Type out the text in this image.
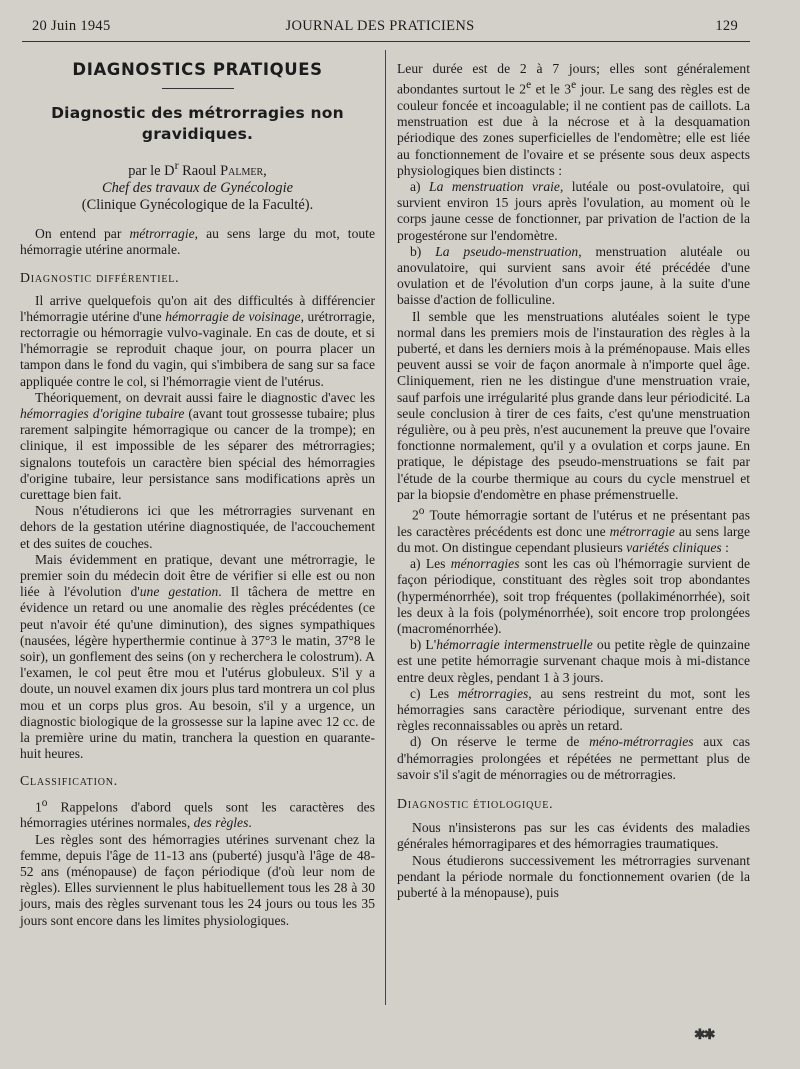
20 Juin 1945	JOURNAL DES PRATICIENS	129
DIAGNOSTICS PRATIQUES
Diagnostic des métrorragies non gravidiques.

par le $D^r$ Raoul Palmer,

Chef des travaux de Gynécologie

(Clinique Gynécologique de la Faculté).

On entend par métrorragie, au sens large du mot, toute hémorragie utérine anormale.

Diagnostic différentiel.

Il arrive quelquefois qu'on ait des difficultés à différencier l'hémorragie utérine d'une hémorragie de voisinage, urétrorragie, rectorragie ou hémorragie vulvo-vaginale. En cas de doute, et si l'hémorragie se reproduit chaque jour, on pourra placer un tampon dans le fond du vagin, qui s'imbibera de sang sur sa face appliquée contre le col, si l'hémorragie vient de l'utérus.

Théoriquement, on devrait aussi faire le diagnostic d'avec les hémorragies d'origine tubaire (avant tout grossesse tubaire; plus rarement salpingite hémorragique ou cancer de la trompe); en clinique, il est impossible de les séparer des métrorragies; signalons toutefois un caractère bien spécial des hémorragies d'origine tubaire, leur persistance sans modifications après un curettage bien fait.

Nous n'étudierons ici que les métrorragies survenant en dehors de la gestation utérine diagnostiquée, de l'accouchement et des suites de couches.

Mais évidemment en pratique, devant une métrorragie, le premier soin du médecin doit être de vérifier si elle est ou non liée à l'évolution d'une gestation. Il tâchera de mettre en évidence un retard ou une anomalie des règles précédentes (ce peut n'avoir été qu'une diminution), des signes sympathiques (nausées, légère hyperthermie continue à 37°3 le matin, 37°8 le soir), un gonflement des seins (on y recherchera le colostrum). A l'examen, le col peut être mou et l'utérus globuleux. S'il y a doute, un nouvel examen dix jours plus tard montrera un col plus mou et un corps plus gros. Au besoin, s'il y a urgence, un diagnostic biologique de la grossesse sur la lapine avec 12 cc. de la première urine du matin, tranchera la question en quarante-huit heures.

Classification.

1$^o$ Rappelons d'abord quels sont les caractères des hémorragies utérines normales, des règles.

Les règles sont des hémorragies utérines survenant chez la femme, depuis l'âge de 11-13 ans (puberté) jusqu'à l'âge de 48-52 ans (ménopause) de façon périodique (d'où leur nom de règles). Elles surviennent le plus habituellement tous les 28 à 30 jours, mais des règles survenant tous les 24 jours ou tous les 35 jours sont encore dans les limites physiologiques.

Leur durée est de 2 à 7 jours; elles sont généralement abondantes surtout le 2e et le 3e jour. Le sang des règles est de couleur foncée et incoagulable; il ne contient pas de caillots. La menstruation est due à la nécrose et à la desquamation périodique des zones superficielles de l'endomètre; elle est liée au fonctionnement de l'ovaire et se présente sous deux aspects physiologiques bien distincts :

a) La menstruation vraie, lutéale ou post-ovulatoire, qui survient environ 15 jours après l'ovulation, au moment où le corps jaune cesse de fonctionner, par privation de l'action de la progestérone sur l'endomètre.

b) La pseudo-menstruation, menstruation alutéale ou anovulatoire, qui survient sans avoir été précédée d'une ovulation et de l'évolution d'un corps jaune, à la suite d'une baisse d'action de folliculine.

Il semble que les menstruations alutéales soient le type normal dans les premiers mois de l'instauration des règles à la puberté, et dans les derniers mois à la préménopause. Mais elles peuvent aussi se voir de façon anormale à n'importe quel âge. Cliniquement, rien ne les distingue d'une menstruation vraie, sauf parfois une irrégularité plus grande dans leur périodicité. La seule conclusion à tirer de ces faits, c'est qu'une menstruation régulière, ou à peu près, n'est aucunement la preuve que l'ovaire fonctionne normalement, qu'il y a ovulation et corps jaune. En pratique, le dépistage des pseudo-menstruations se fait par l'étude de la courbe thermique au cours du cycle menstruel et par la biopsie d'endomètre en phase prémenstruelle.

2$^o$ Toute hémorragie sortant de l'utérus et ne présentant pas les caractères précédents est donc une métrorragie au sens large du mot. On distingue cependant plusieurs variétés cliniques :

a) Les ménorragies sont les cas où l'hémorragie survient de façon périodique, constituant des règles soit trop abondantes (hyperménorrhée), soit trop fréquentes (pollakiménorrhée), soit les deux à la fois (polyménorrhée), soit encore trop prolongées (macroménorrhée).

b) L'hémorragie intermenstruelle ou petite règle de quinzaine est une petite hémorragie survenant chaque mois à mi-distance entre deux règles, pendant 1 à 3 jours.

c) Les métrorragies, au sens restreint du mot, sont les hémorragies sans caractère périodique, survenant entre des règles reconnaissables ou après un retard.

d) On réserve le terme de méno-métrorragies aux cas d'hémorragies prolongées et répétées ne permettant plus de savoir s'il s'agit de ménorragies ou de métrorragies.

Diagnostic étiologique.

Nous n'insisterons pas sur les cas évidents des maladies générales hémorragipares et des hémorragies traumatiques.

Nous étudierons successivement les métrorragies survenant pendant la période normale du fonctionnement ovarien (de la puberté à la ménopause), puis

✱✱
